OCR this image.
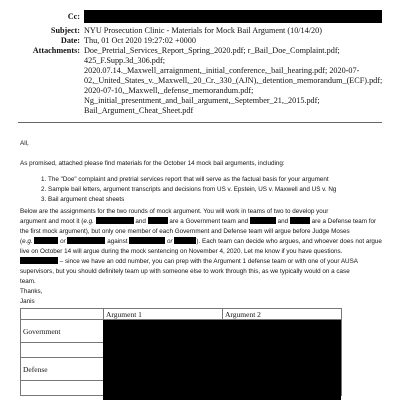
Cc:
Subject: NYU Prosecution Clinic - Materials for Mock Bail Argument (10/14/20)
Date: Thu, 01 Oct 2020 19:27:02 +0000
Attachments: Doe_Pretrial_Services_Report_Spring_2020.pdf; r_Bail_Doe_Complaint.pdf;
425_F.Supp.3d_306.pdf;
2020.07.14._Maxwell_arraignment,_initial_conference,_bail_hearing.pdf; 2020-07-
02,_United_States_v._Maxwell,_20_Cr._330_(AJN),_detention_memorandum_(ECF).pdf;
2020-07-10,_Maxwell,_defense_memorandum.pdf;
Ng_initial_presentment_and_bail_argument,_September_21,_2015.pdf;
Bail_Argument_Cheat_Sheet.pdf
All,
As promised, attached please find materials for the October 14 mock bail arguments, including:
1. The "Doe" complaint and pretrial services report that will serve as the factual basis for your argument
2. Sample bail letters, argument transcripts and decisions from US v. Epstein, US v. Maxwell and US v. Ng
3. Bail argument cheat sheets
Below are the assignments for the two rounds of mock argument. You will work in teams of two to develop your
argument and moot it (e.g.	and	are a Government team and	and	are a Defense team for
the first mock argument), but only one member of each Government and Defense team will argue before Judge Moses
(e.g.	or	against	or	). Each team can decide who argues, and whoever does not argue
live on October 14 will argue during the mock sentencing on November 4, 2020. Let me know if you have questions.
– since we have an odd number, you can prep with the Argument 1 defense team or with one of your AUSA
supervisors, but you should definitely team up with someone else to work through this, as we typically would on a case
team.
Thanks,
Janis
	Argument 1	Argument 2
Government		

Defense		
